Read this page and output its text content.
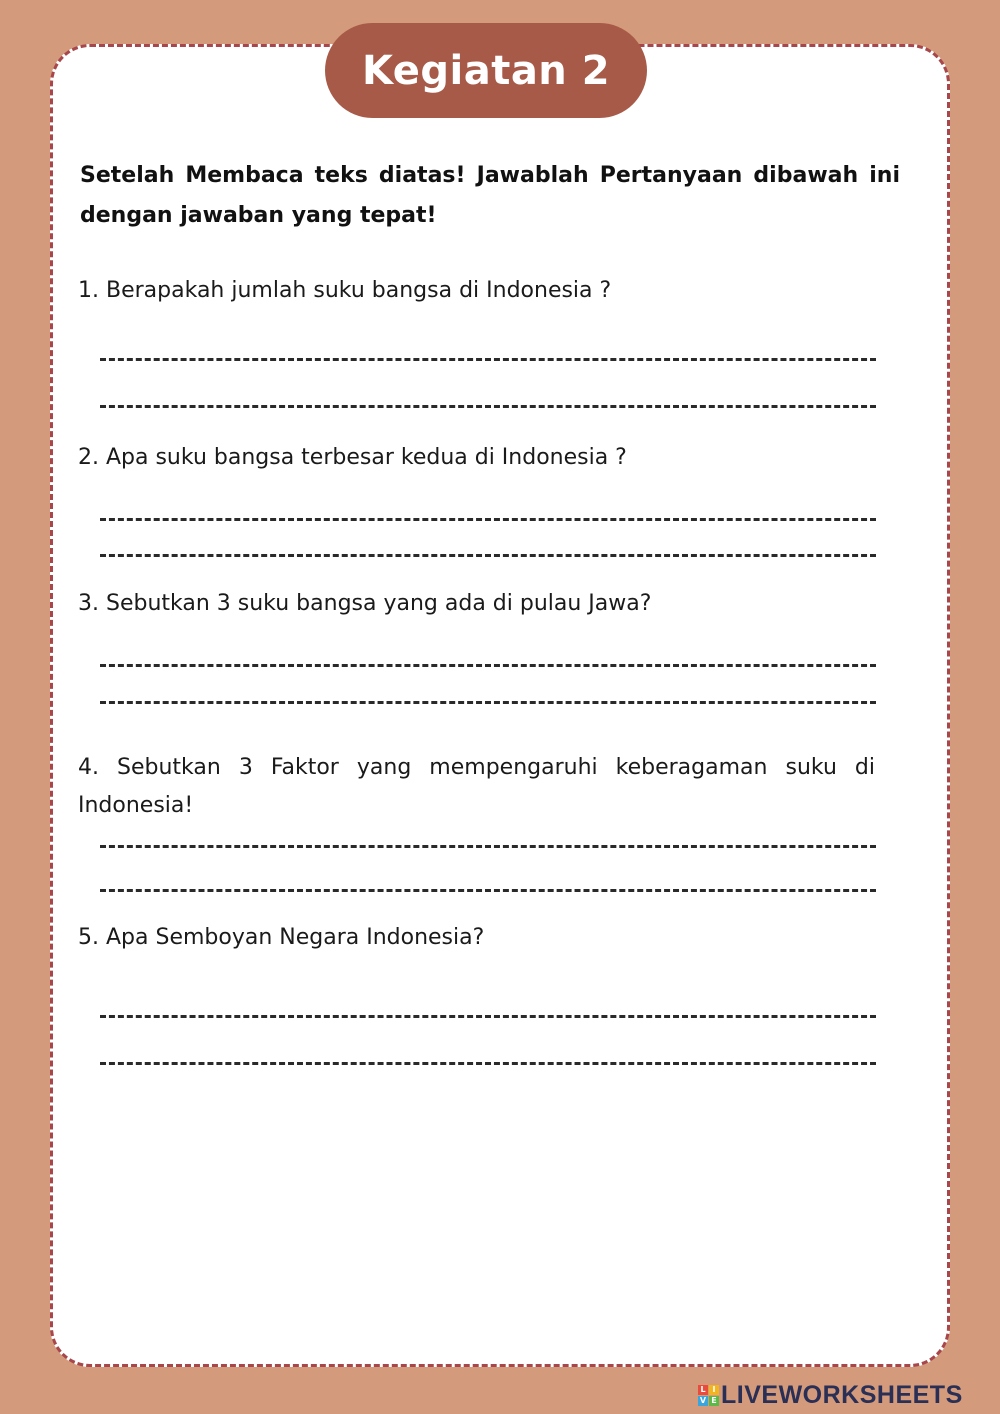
Kegiatan 2
Setelah Membaca teks diatas! Jawablah Pertanyaan dibawah ini dengan jawaban yang tepat!
1. Berapakah jumlah suku bangsa di Indonesia ?
2. Apa suku bangsa terbesar kedua di Indonesia ?
3. Sebutkan 3 suku bangsa yang ada di pulau Jawa?
4. Sebutkan 3 Faktor yang mempengaruhi keberagaman suku di Indonesia!
5. Apa Semboyan Negara Indonesia?
L I
V E LIVEWORKSHEETS
